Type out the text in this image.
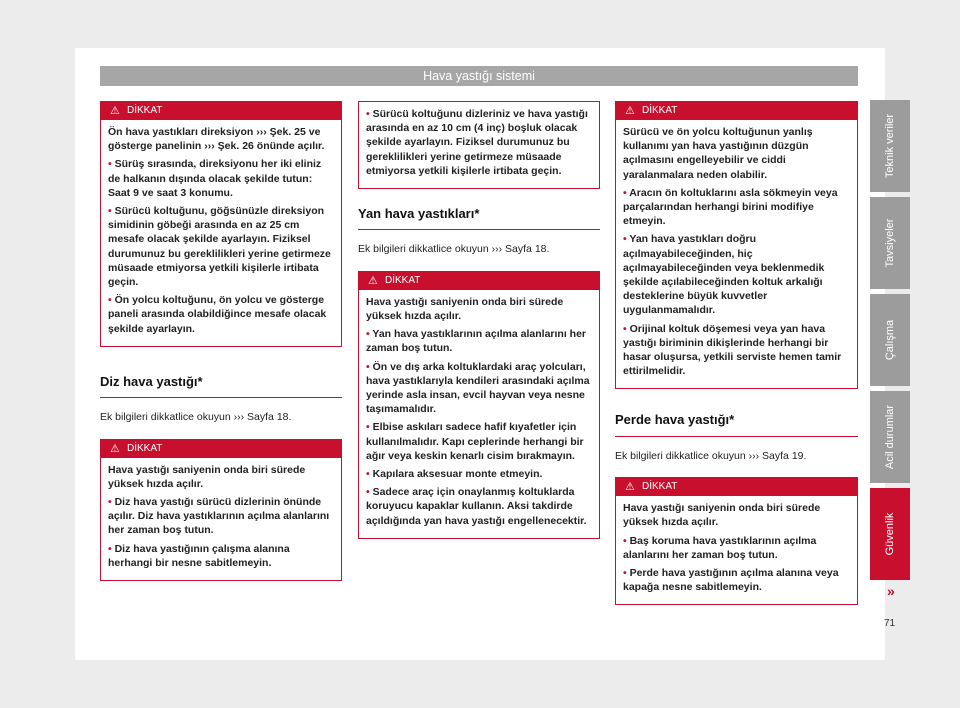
Hava yastığı sistemi
⚠ DİKKAT

Ön hava yastıkları direksiyon ››› Şek. 25 ve gösterge panelinin ››› Şek. 26 önünde açılır.

• Sürüş sırasında, direksiyonu her iki eliniz de halkanın dışında olacak şekilde tutun: Saat 9 ve saat 3 konumu.

• Sürücü koltuğunu, göğsünüzle direksiyon simidinin göbeği arasında en az 25 cm mesafe olacak şekilde ayarlayın. Fiziksel durumunuz bu gereklilikleri yerine getirmeze müsaade etmiyorsa yetkili kişilerle irtibata geçin.

• Ön yolcu koltuğunu, ön yolcu ve gösterge paneli arasında olabildiğince mesafe olacak şekilde ayarlayın.

Diz hava yastığı*
Ek bilgileri dikkatlice okuyun ››› Sayfa 18.
⚠ DİKKAT

Hava yastığı saniyenin onda biri sürede yüksek hızda açılır.

• Diz hava yastığı sürücü dizlerinin önünde açılır. Diz hava yastıklarının açılma alanlarını her zaman boş tutun.

• Diz hava yastığının çalışma alanına herhangi bir nesne sabitlemeyin.

• Sürücü koltuğunu dizleriniz ve hava yastığı arasında en az 10 cm (4 inç) boşluk olacak şekilde ayarlayın. Fiziksel durumunuz bu gereklilikleri yerine getirmeze müsaade etmiyorsa yetkili kişilerle irtibata geçin.

Yan hava yastıkları*
Ek bilgileri dikkatlice okuyun ››› Sayfa 18.
⚠ DİKKAT

Hava yastığı saniyenin onda biri sürede yüksek hızda açılır.

• Yan hava yastıklarının açılma alanlarını her zaman boş tutun.

• Ön ve dış arka koltuklardaki araç yolcuları, hava yastıklarıyla kendileri arasındaki açılma yerinde asla insan, evcil hayvan veya nesne taşımamalıdır.

• Elbise askıları sadece hafif kıyafetler için kullanılmalıdır. Kapı ceplerinde herhangi bir ağır veya keskin kenarlı cisim bırakmayın.

• Kapılara aksesuar monte etmeyin.

• Sadece araç için onaylanmış koltuklarda koruyucu kapaklar kullanın. Aksi takdirde açıldığında yan hava yastığı engellenecektir.

⚠ DİKKAT

Sürücü ve ön yolcu koltuğunun yanlış kullanımı yan hava yastığının düzgün açılmasını engelleyebilir ve ciddi yaralanmalara neden olabilir.

• Aracın ön koltuklarını asla sökmeyin veya parçalarından herhangi birini modifiye etmeyin.

• Yan hava yastıkları doğru açılmayabileceğinden, hiç açılmayabileceğinden veya beklenmedik şekilde açılabileceğinden koltuk arkalığı desteklerine büyük kuvvetler uygulanmamalıdır.

• Orijinal koltuk döşemesi veya yan hava yastığı biriminin dikişlerinde herhangi bir hasar oluşursa, yetkili serviste hemen tamir ettirilmelidir.

Perde hava yastığı*
Ek bilgileri dikkatlice okuyun ››› Sayfa 19.
⚠ DİKKAT

Hava yastığı saniyenin onda biri sürede yüksek hızda açılır.

• Baş koruma hava yastıklarının açılma alanlarını her zaman boş tutun.

• Perde hava yastığının açılma alanına veya kapağa nesne sabitlemeyin.

Teknik veriler
Tavsiyeler
Çalışma
Acil durumlar
Güvenlik
»
71
